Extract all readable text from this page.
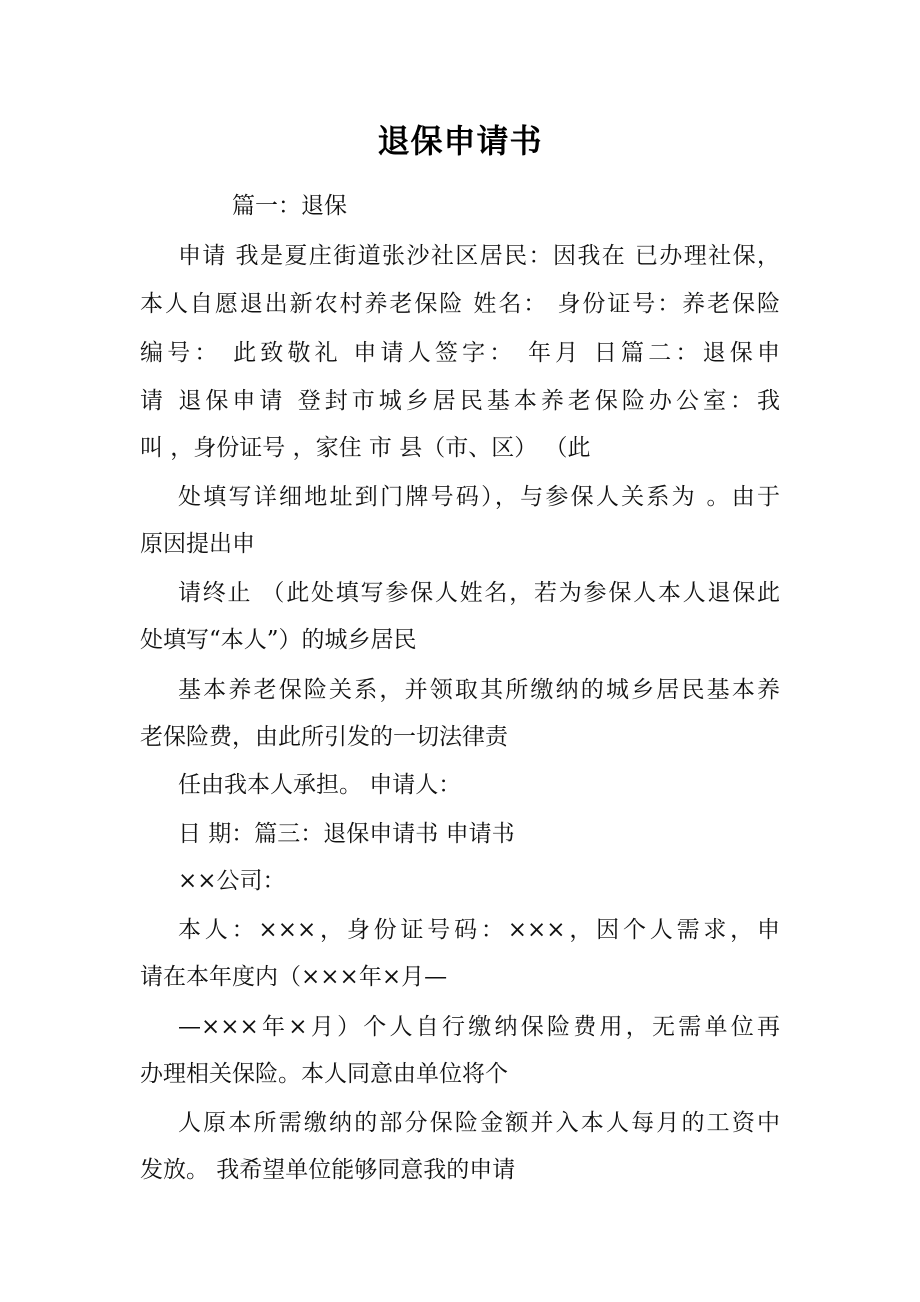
退保申请书
篇一：退保
申请 我是夏庄街道张沙社区居民：因我在 已办理社保，
本人自愿退出新农村养老保险 姓名： 身份证号：养老保险
编号： 此致敬礼 申请人签字： 年月 日篇二：退保申
请 退保申请 登封市城乡居民基本养老保险办公室：我
叫 ，身份证号 ，家住 市 县（市、区） （此
处填写详细地址到门牌号码），与参保人关系为 。由于
原因提出申
请终止 （此处填写参保人姓名，若为参保人本人退保此
处填写“本人”）的城乡居民
基本养老保险关系，并领取其所缴纳的城乡居民基本养
老保险费，由此所引发的一切法律责
任由我本人承担。 申请人：
日 期：篇三：退保申请书 申请书
××公司：
本人：×××，身份证号码：×××，因个人需求，申
请在本年度内（×××年×月—
—×××年×月）个人自行缴纳保险费用，无需单位再
办理相关保险。本人同意由单位将个
人原本所需缴纳的部分保险金额并入本人每月的工资中
发放。 我希望单位能够同意我的申请
